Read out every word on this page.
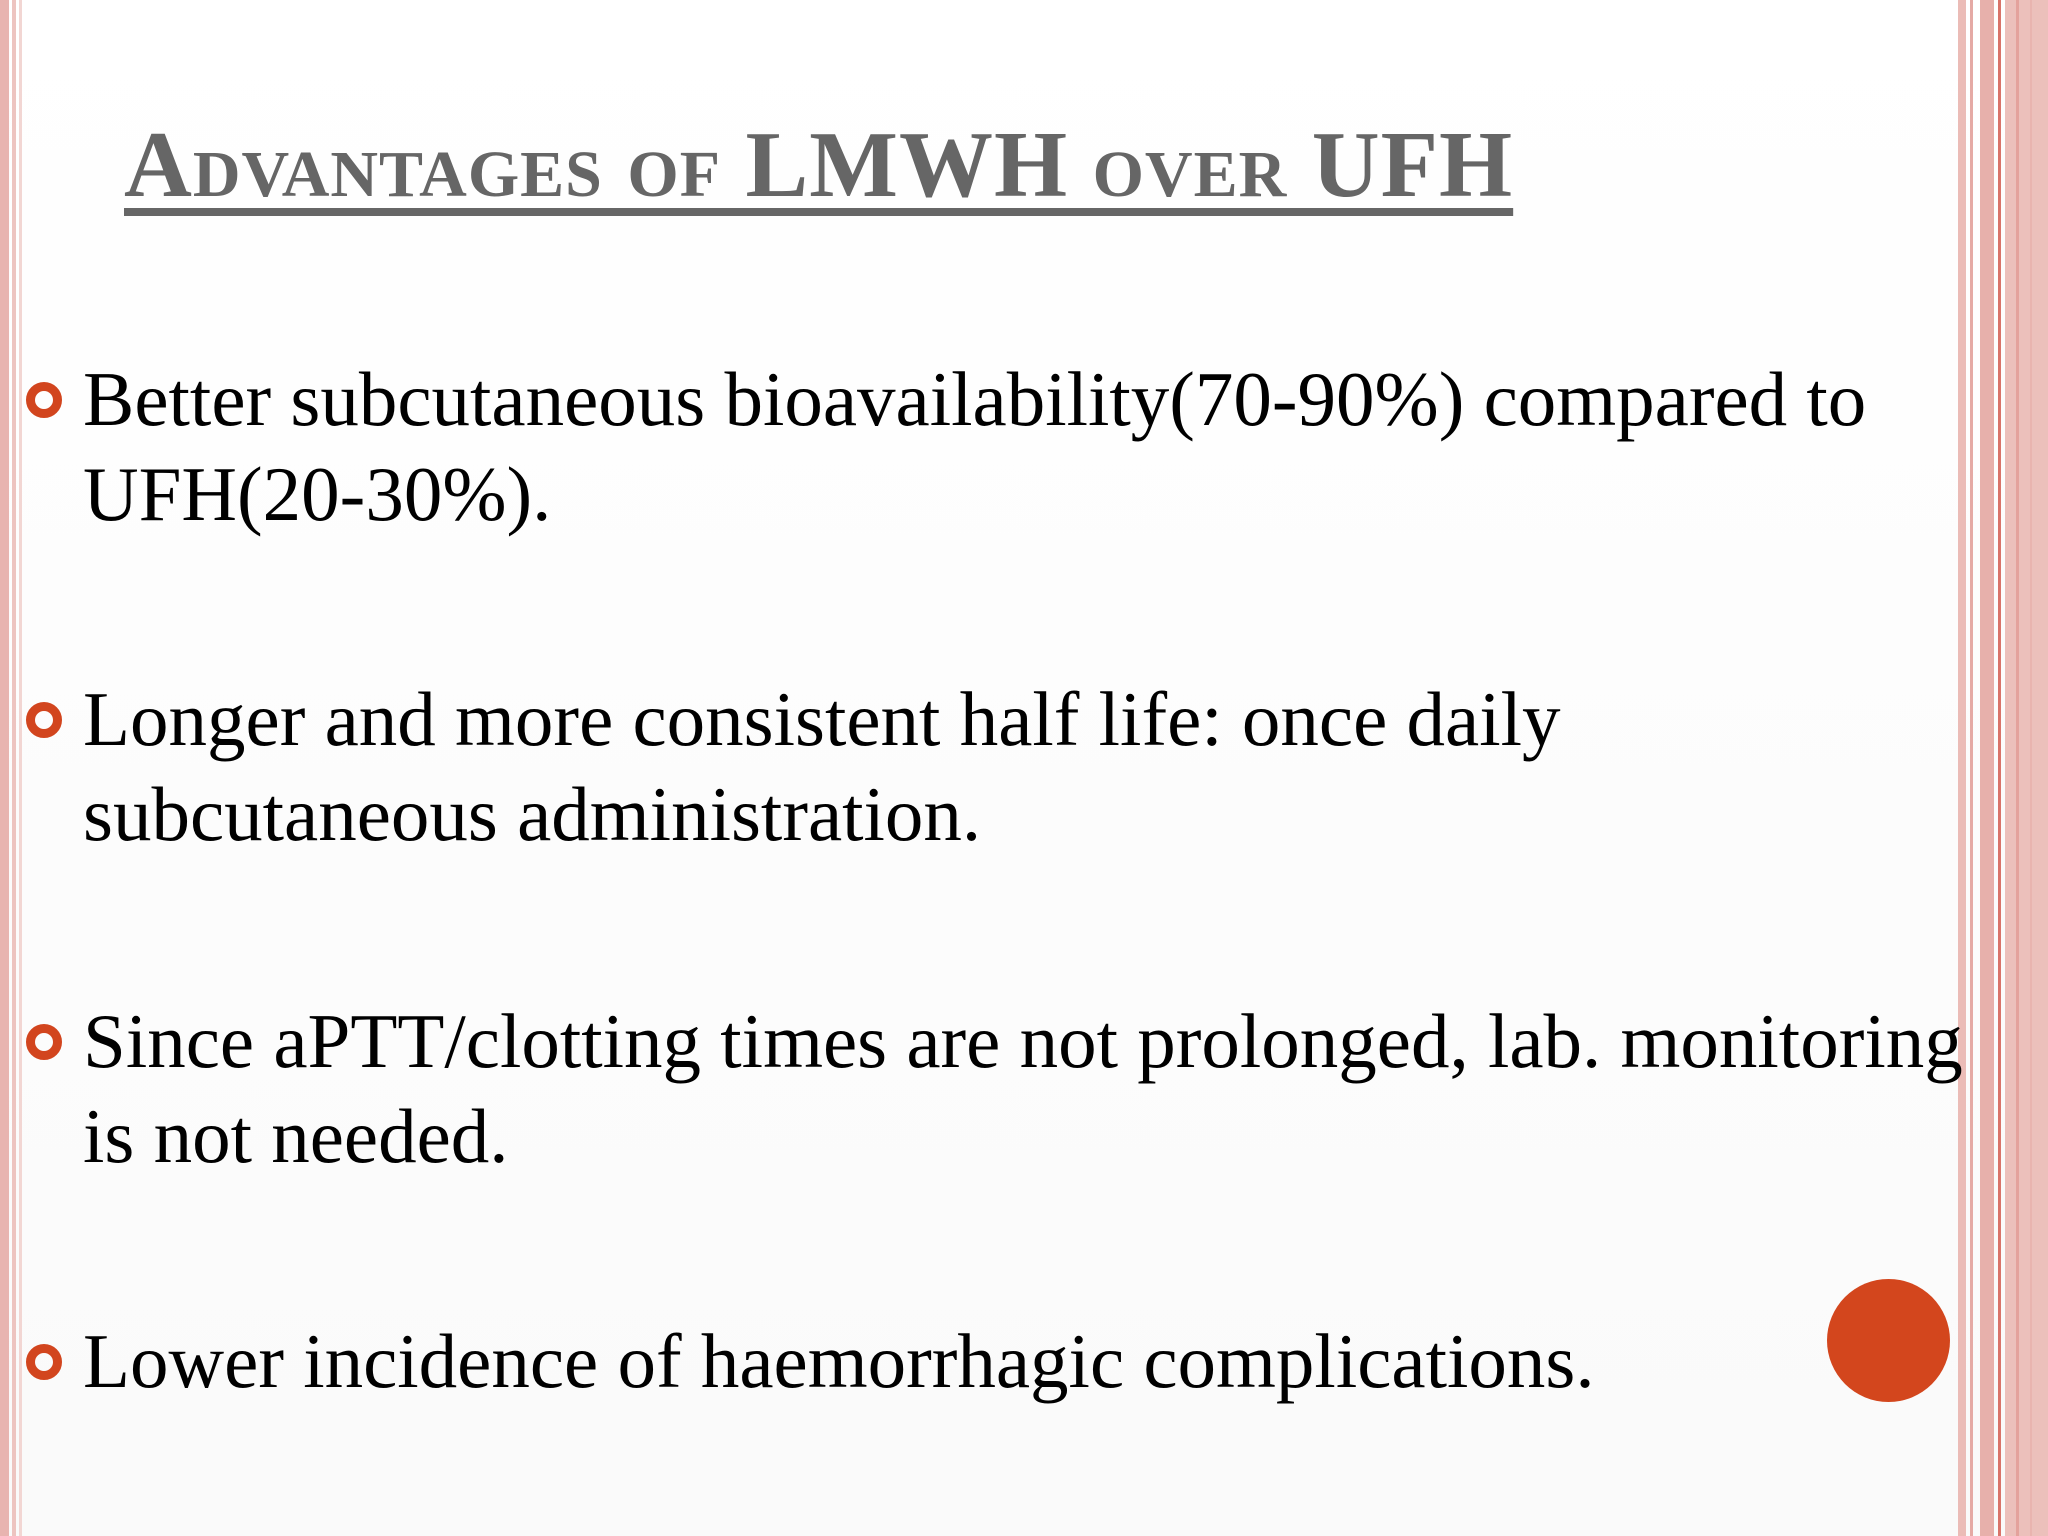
Advantages of LMWH over UFH
Better subcutaneous bioavailability(70-90%) compared to
UFH(20-30%).
Longer and more consistent half life: once daily
subcutaneous administration.
Since aPTT/clotting times are not prolonged, lab. monitoring
is not needed.
Lower incidence of haemorrhagic complications.
